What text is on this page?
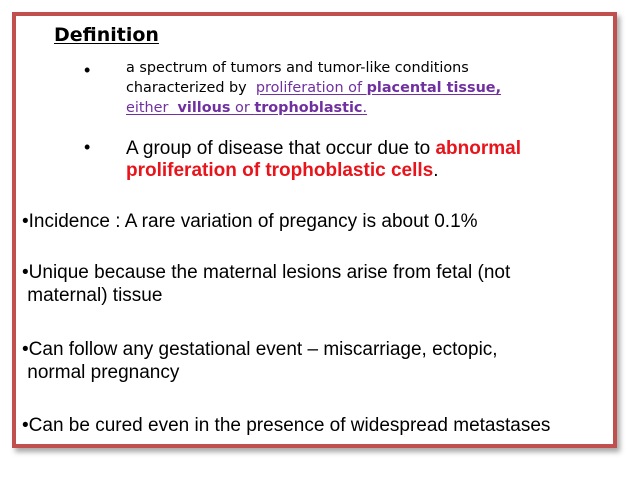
Definition
• a spectrum of tumors and tumor-like conditions
characterized by  proliferation of placental tissue,
either  villous or trophoblastic.
• A group of disease that occur due to abnormal
proliferation of trophoblastic cells.
•Incidence : A rare variation of pregancy is about 0.1%
•Unique because the maternal lesions arise from fetal (not
maternal) tissue
•Can follow any gestational event – miscarriage, ectopic,
normal pregnancy
•Can be cured even in the presence of widespread metastases
